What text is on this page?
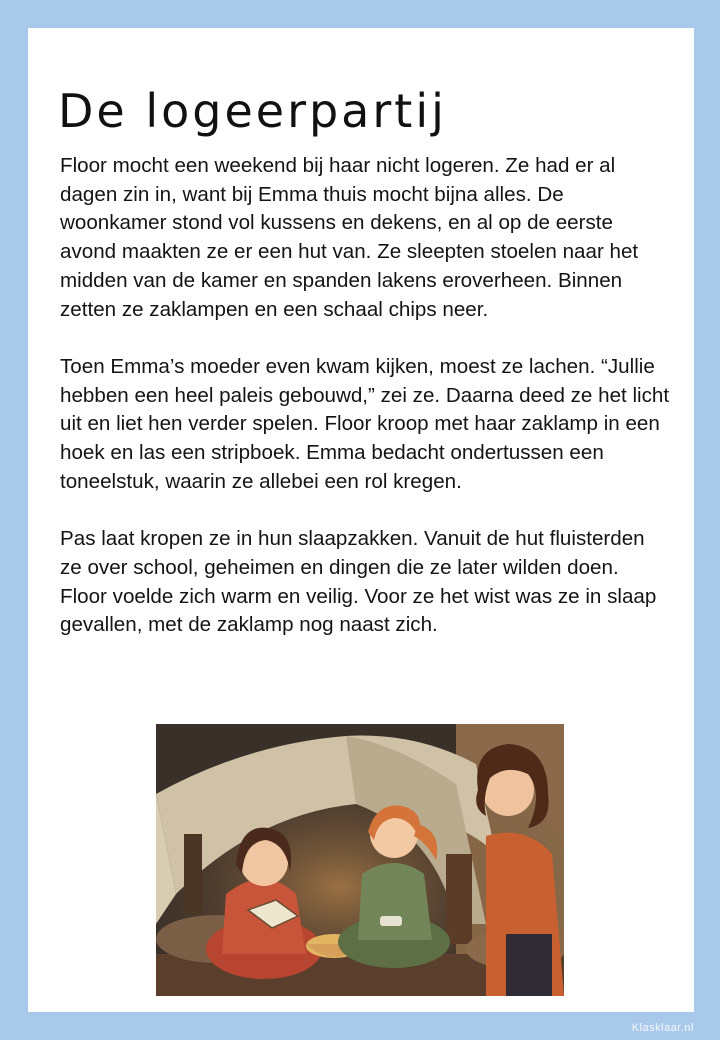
De logeerpartij

Floor mocht een weekend bij haar nicht logeren. Ze had er al dagen zin in, want bij Emma thuis mocht bijna alles. De woonkamer stond vol kussens en dekens, en al op de eerste avond maakten ze er een hut van. Ze sleepten stoelen naar het midden van de kamer en spanden lakens eroverheen. Binnen zetten ze zaklampen en een schaal chips neer.

Toen Emma’s moeder even kwam kijken, moest ze lachen. “Jullie hebben een heel paleis gebouwd,” zei ze. Daarna deed ze het licht uit en liet hen verder spelen. Floor kroop met haar zaklamp in een hoek en las een stripboek. Emma bedacht ondertussen een toneelstuk, waarin ze allebei een rol kregen.

Pas laat kropen ze in hun slaapzakken. Vanuit de hut fluisterden ze over school, geheimen en dingen die ze later wilden doen. Floor voelde zich warm en veilig. Voor ze het wist was ze in slaap gevallen, met de zaklamp nog naast zich.

Klasklaar.nl
